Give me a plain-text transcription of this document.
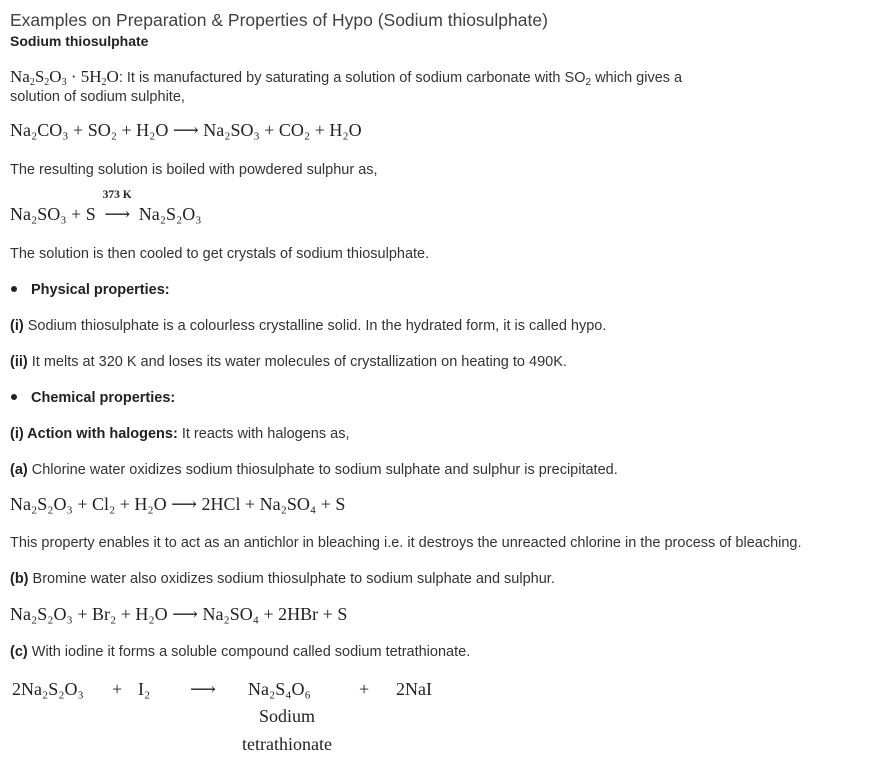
Examples on Preparation & Properties of Hypo (Sodium thiosulphate)
Sodium thiosulphate
$Na_2S_2O_3 \cdot 5H_2O$: It is manufactured by saturating a solution of sodium carbonate with $SO_2$ which gives a
solution of sodium sulphite,
Na₂CO₃ + SO₂ + H₂O ⟶ Na₂SO₃ + CO₂ + H₂O
The resulting solution is boiled with powdered sulphur as,
Na₂SO₃ + S
373 K
⟶ Na₂S₂O₃
The solution is then cooled to get crystals of sodium thiosulphate.
Physical properties:
(i) Sodium thiosulphate is a colourless crystalline solid. In the hydrated form, it is called hypo.
(ii) It melts at 320 K and loses its water molecules of crystallization on heating to 490K.
Chemical properties:
(i) Action with halogens: It reacts with halogens as,
(a) Chlorine water oxidizes sodium thiosulphate to sodium sulphate and sulphur is precipitated.
Na₂S₂O₃ + Cl₂ + H₂O ⟶ 2HCl + Na₂SO₄ + S
This property enables it to act as an antichlor in bleaching i.e. it destroys the unreacted chlorine in the process of bleaching.
(b) Bromine water also oxidizes sodium thiosulphate to sodium sulphate and sulphur.
Na₂S₂O₃ + Br₂ + H₂O ⟶ Na₂SO₄ + 2HBr + S
(c) With iodine it forms a soluble compound called sodium tetrathionate.
2Na₂S₂O₃ + I₂ ⟶ Na₂S₄O₆	+ 2NaI
Sodium
tetrathionate
